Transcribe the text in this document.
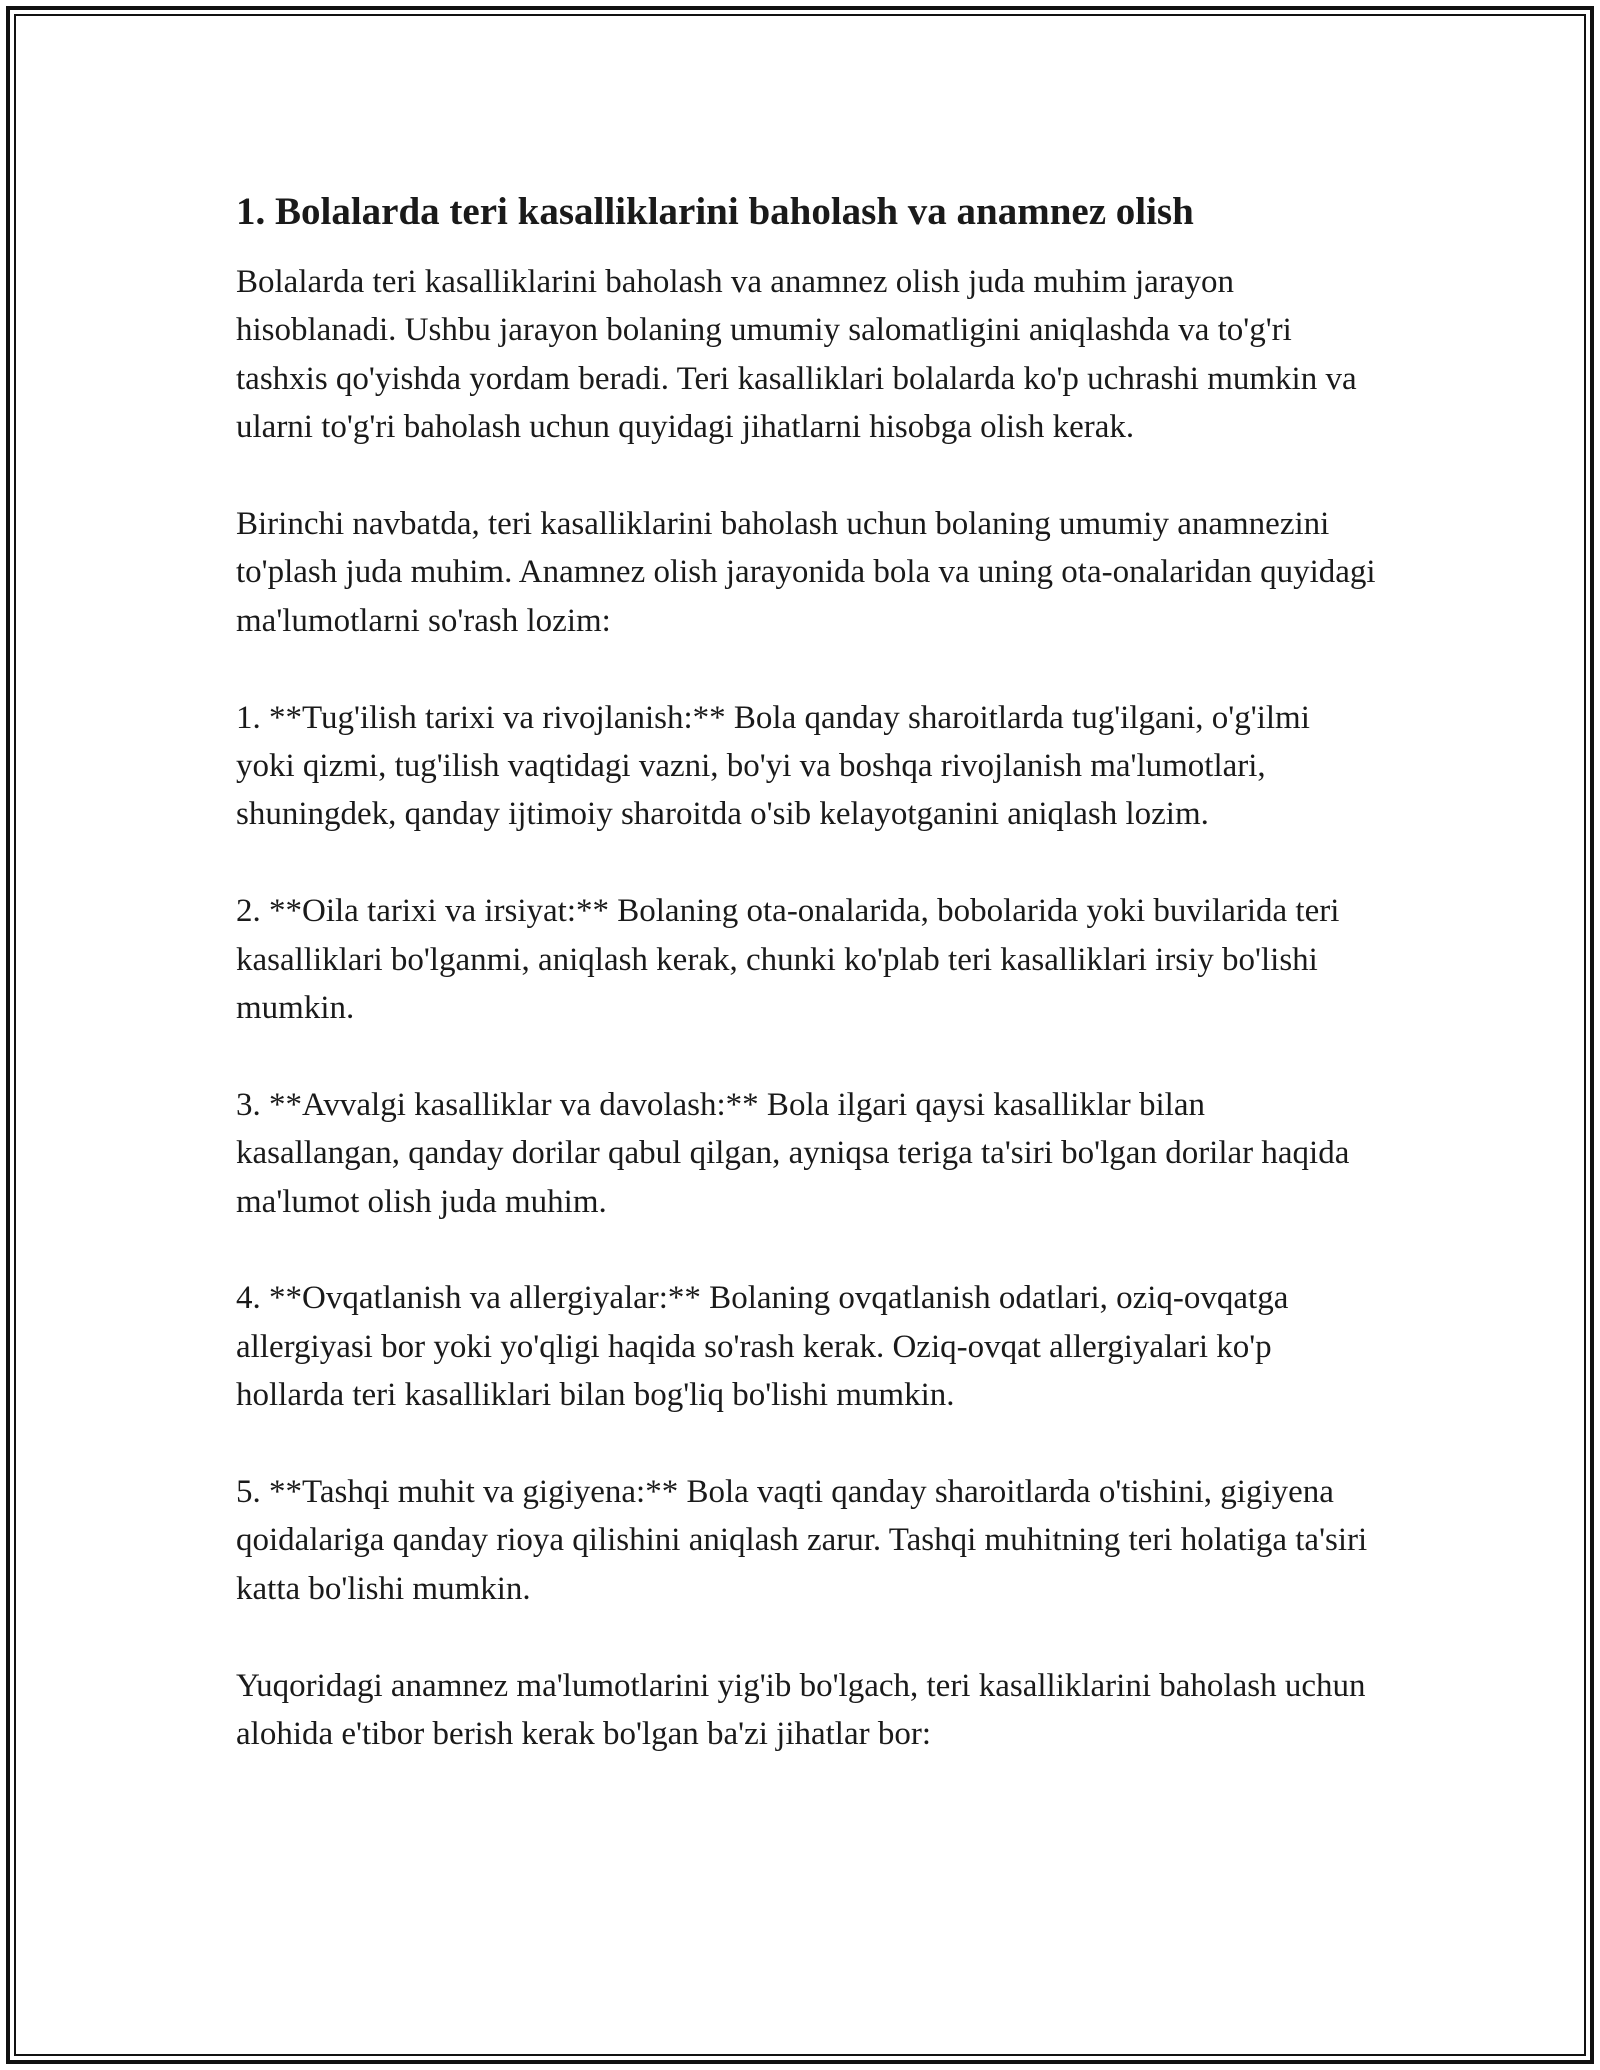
1. Bolalarda teri kasalliklarini baholash va anamnez olish

Bolalarda teri kasalliklarini baholash va anamnez olish juda muhim jarayon hisoblanadi. Ushbu jarayon bolaning umumiy salomatligini aniqlashda va to'g'ri tashxis qo'yishda yordam beradi. Teri kasalliklari bolalarda ko'p uchrashi mumkin va ularni to'g'ri baholash uchun quyidagi jihatlarni hisobga olish kerak.

Birinchi navbatda, teri kasalliklarini baholash uchun bolaning umumiy anamnezini to'plash juda muhim. Anamnez olish jarayonida bola va uning ota-onalaridan quyidagi ma'lumotlarni so'rash lozim:

1. **Tug'ilish tarixi va rivojlanish:** Bola qanday sharoitlarda tug'ilgani, o'g'ilmi yoki qizmi, tug'ilish vaqtidagi vazni, bo'yi va boshqa rivojlanish ma'lumotlari, shuningdek, qanday ijtimoiy sharoitda o'sib kelayotganini aniqlash lozim.

2. **Oila tarixi va irsiyat:** Bolaning ota-onalarida, bobolarida yoki buvilarida teri kasalliklari bo'lganmi, aniqlash kerak, chunki ko'plab teri kasalliklari irsiy bo'lishi mumkin.

3. **Avvalgi kasalliklar va davolash:** Bola ilgari qaysi kasalliklar bilan kasallangan, qanday dorilar qabul qilgan, ayniqsa teriga ta'siri bo'lgan dorilar haqida ma'lumot olish juda muhim.

4. **Ovqatlanish va allergiyalar:** Bolaning ovqatlanish odatlari, oziq-ovqatga allergiyasi bor yoki yo'qligi haqida so'rash kerak. Oziq-ovqat allergiyalari ko'p hollarda teri kasalliklari bilan bog'liq bo'lishi mumkin.

5. **Tashqi muhit va gigiyena:** Bola vaqti qanday sharoitlarda o'tishini, gigiyena qoidalariga qanday rioya qilishini aniqlash zarur. Tashqi muhitning teri holatiga ta'siri katta bo'lishi mumkin.

Yuqoridagi anamnez ma'lumotlarini yig'ib bo'lgach, teri kasalliklarini baholash uchun alohida e'tibor berish kerak bo'lgan ba'zi jihatlar bor:
